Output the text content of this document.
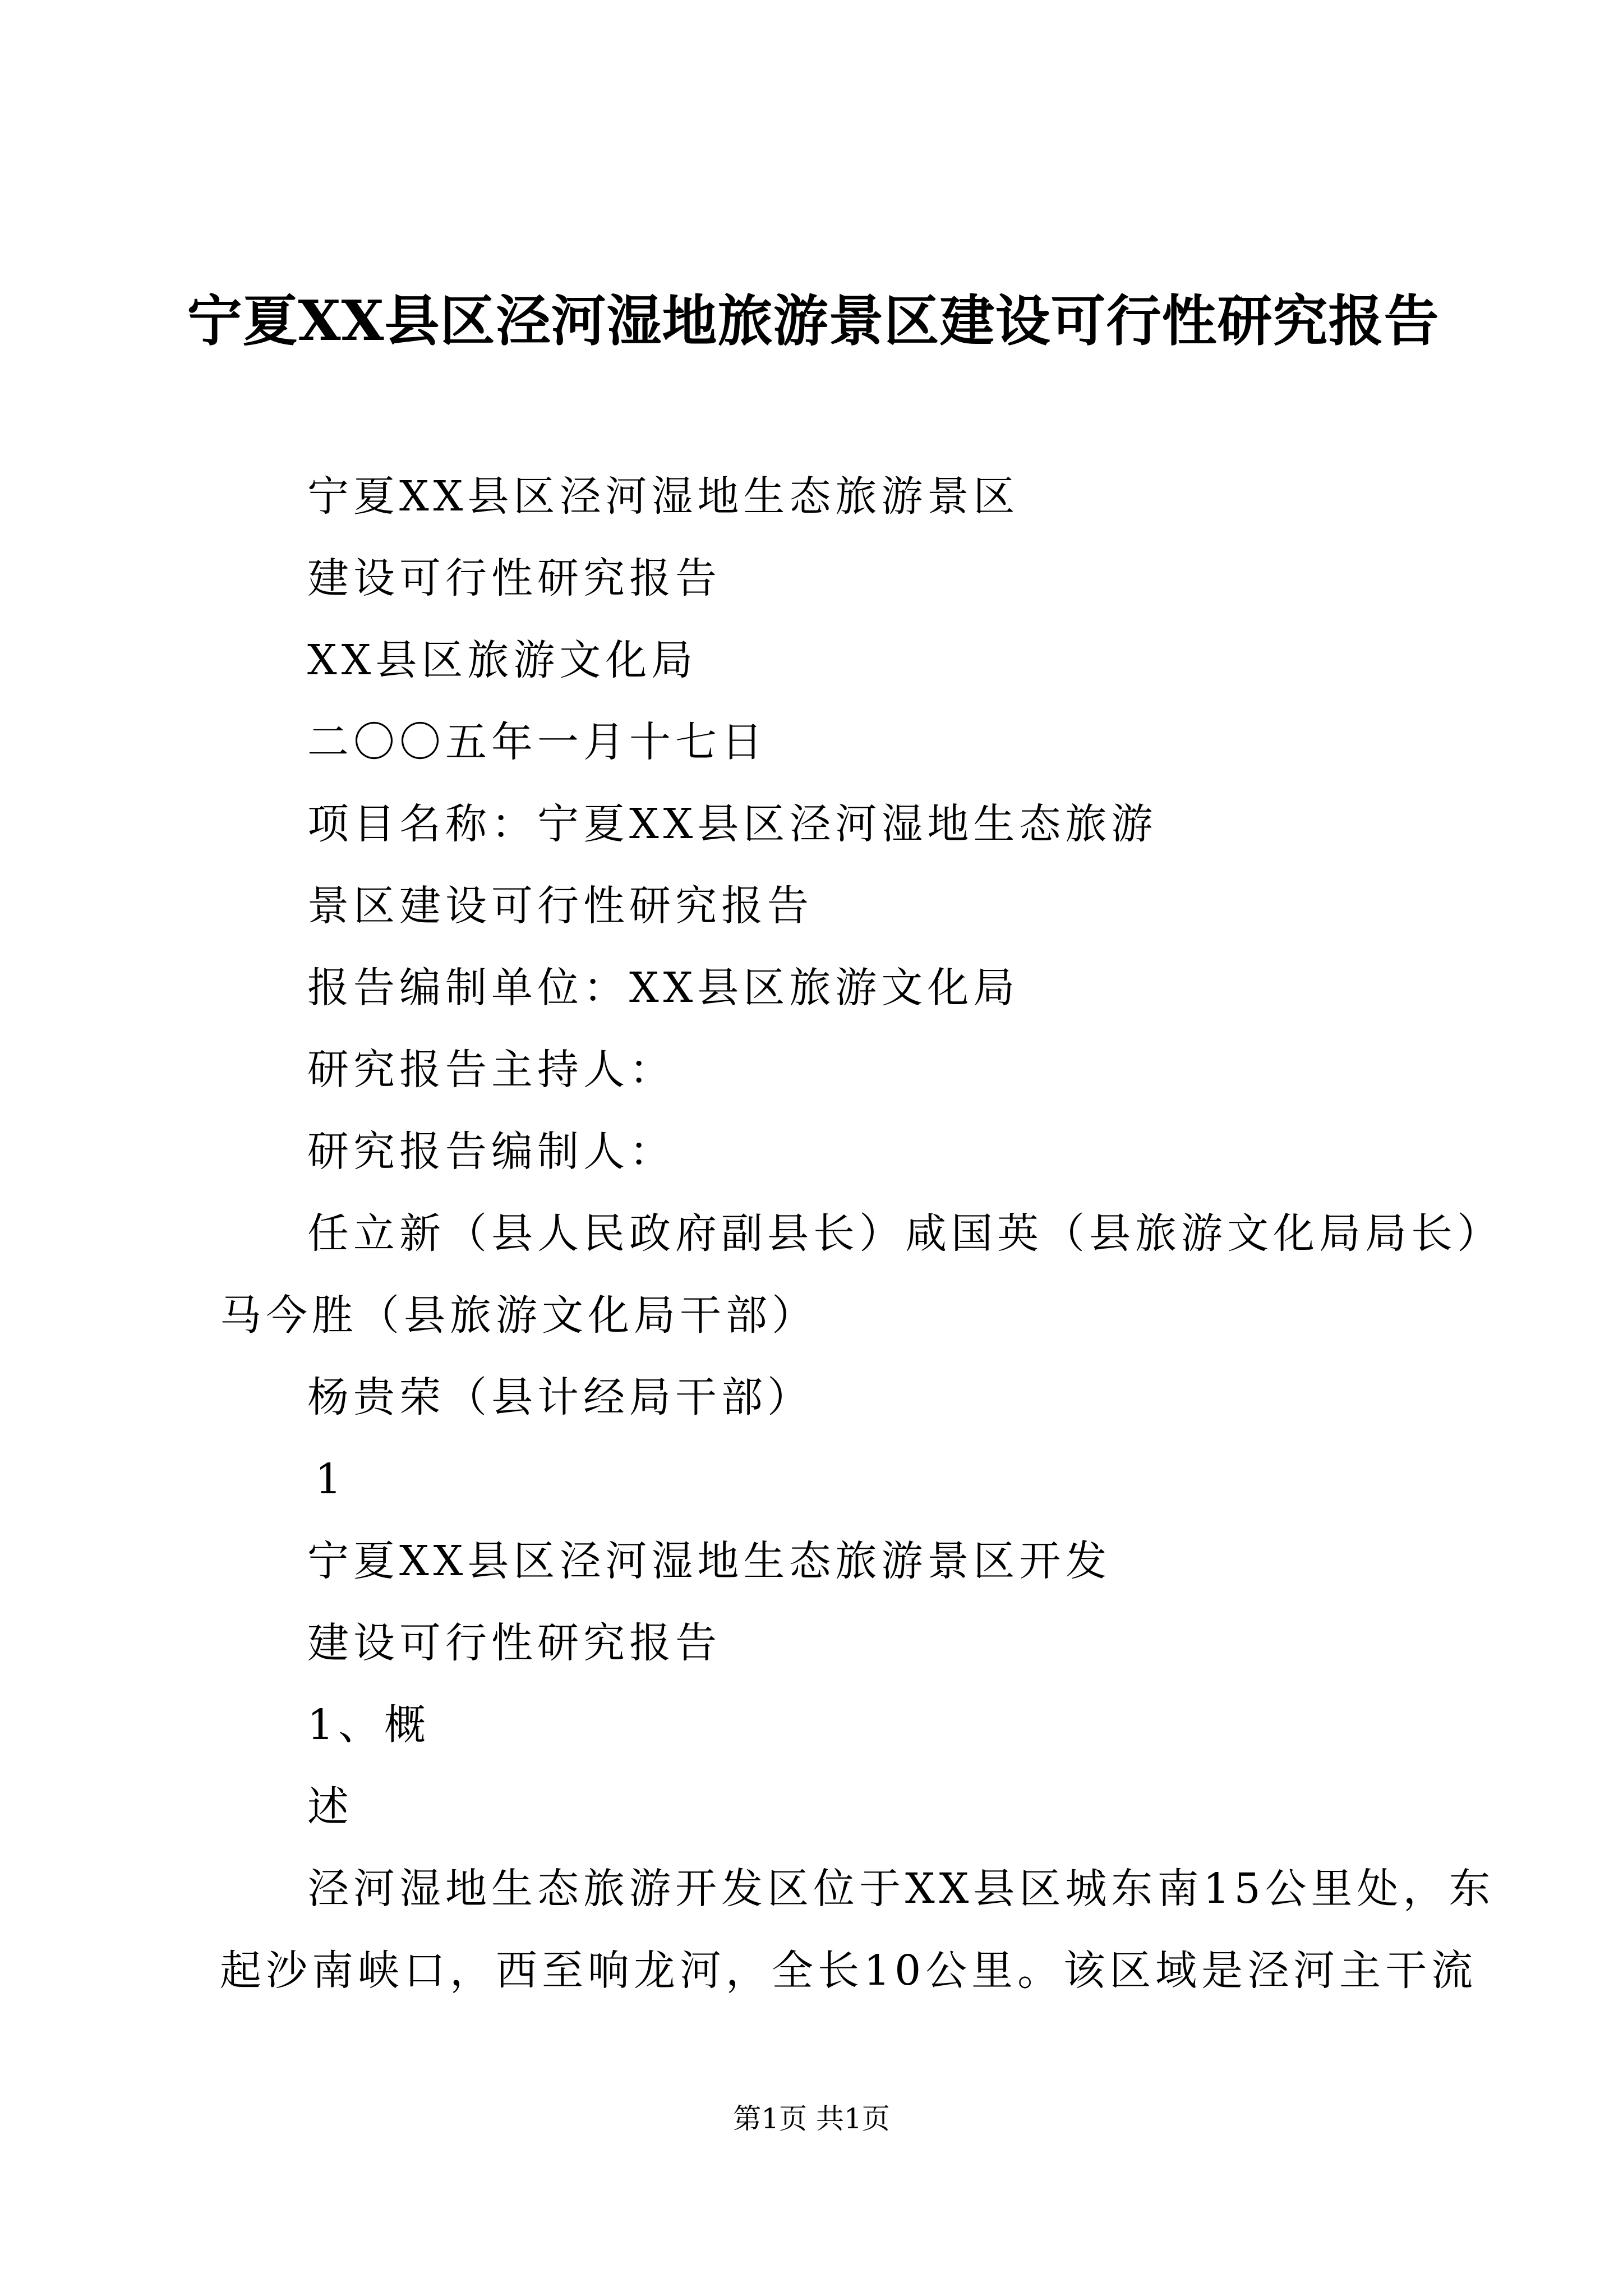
宁夏XX县区泾河湿地旅游景区建设可行性研究报告
宁夏XX县区泾河湿地生态旅游景区
建设可行性研究报告
XX县区旅游文化局
二〇〇五年一月十七日
项目名称：宁夏XX县区泾河湿地生态旅游
景区建设可行性研究报告
报告编制单位：XX县区旅游文化局
研究报告主持人：
研究报告编制人：
任立新（县人民政府副县长）咸国英（县旅游文化局局长）
马今胜（县旅游文化局干部）
杨贵荣（县计经局干部）
1
宁夏XX县区泾河湿地生态旅游景区开发
建设可行性研究报告
1、概
述
泾河湿地生态旅游开发区位于XX县区城东南15公里处，东
起沙南峡口，西至响龙河，全长10公里。该区域是泾河主干流
第1页 共1页
